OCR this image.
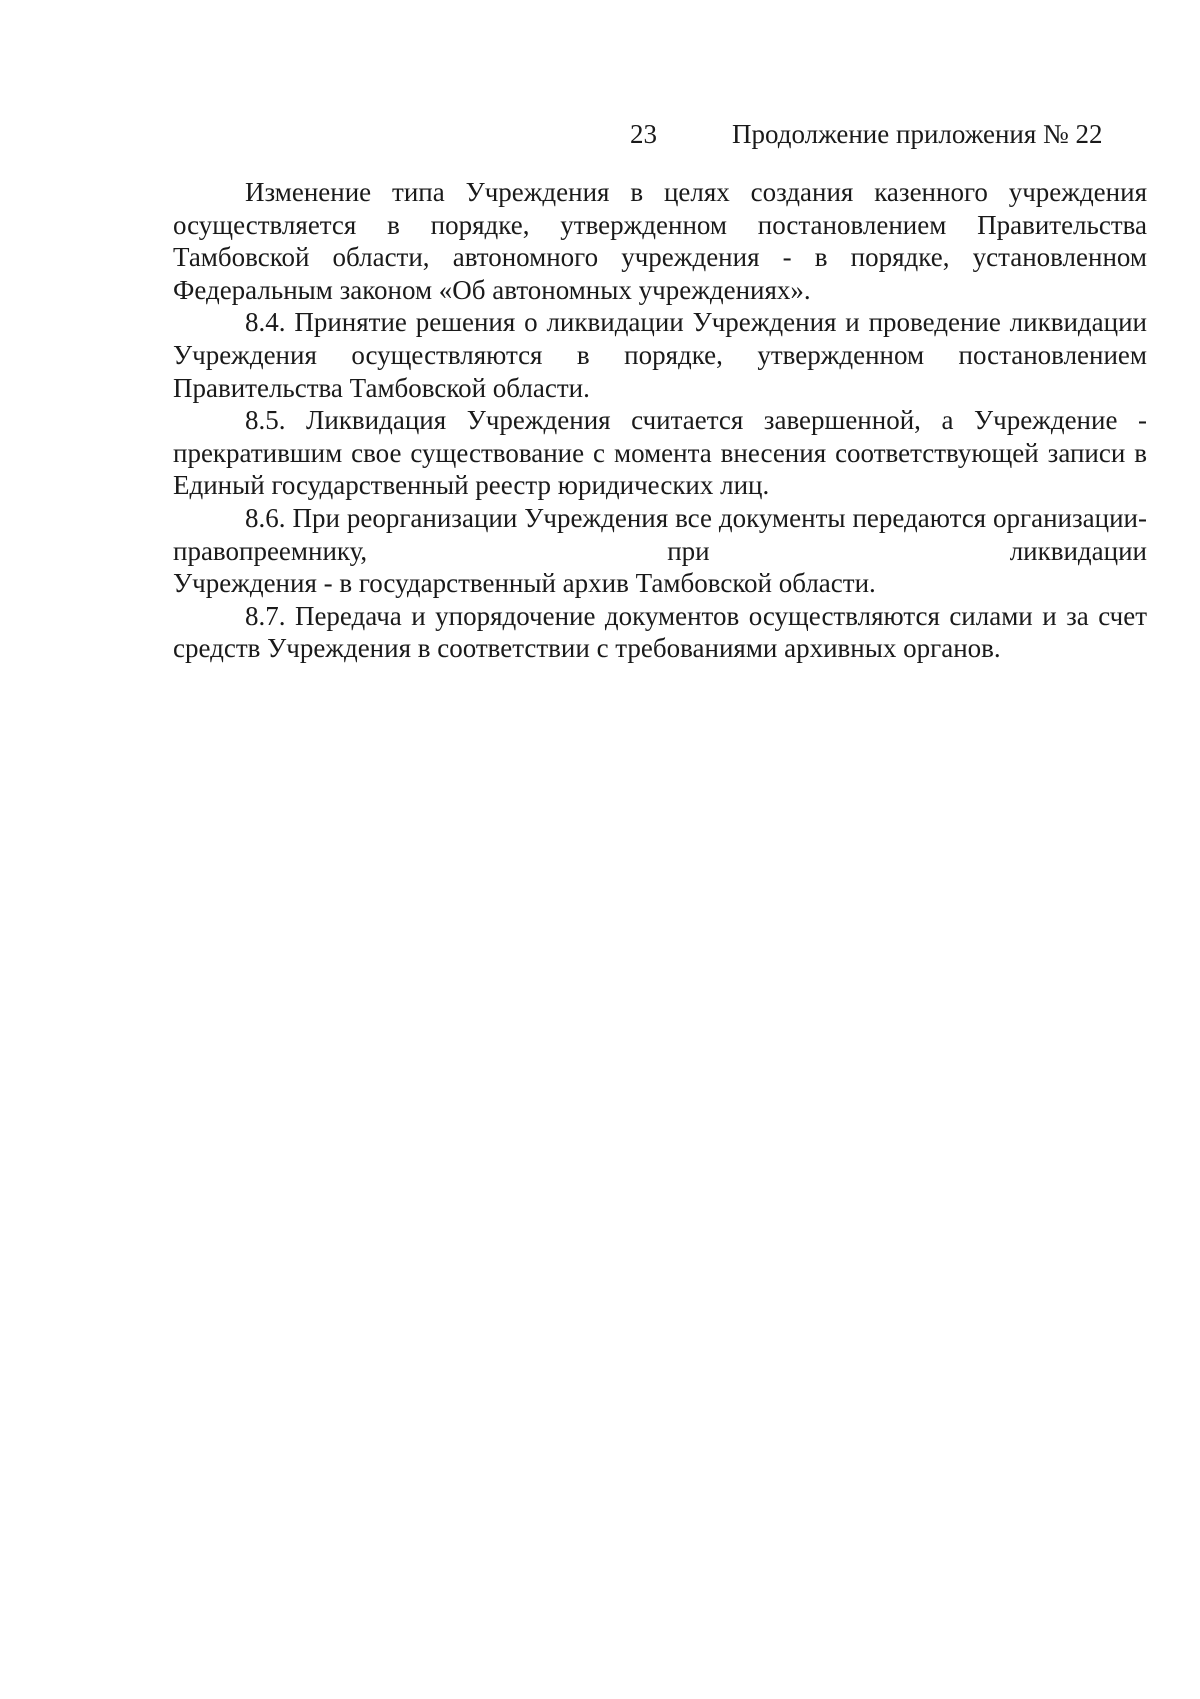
23	Продолжение приложения № 22

Изменение типа Учреждения в целях создания казенного учреждения осуществляется в порядке, утвержденном постановлением Правительства Тамбовской области, автономного учреждения - в порядке, установленном Федеральным законом «Об автономных учреждениях».

8.4. Принятие решения о ликвидации Учреждения и проведение ликвидации Учреждения осуществляются в порядке, утвержденном постановлением Правительства Тамбовской области.

8.5. Ликвидация Учреждения считается завершенной, а Учреждение - прекратившим свое существование с момента внесения соответствующей записи в Единый государственный реестр юридических лиц.

8.6. При реорганизации Учреждения все документы передаются организации-правопреемнику, при ликвидации

Учреждения - в государственный архив Тамбовской области.

8.7. Передача и упорядочение документов осуществляются силами и за счет средств Учреждения в соответствии с требованиями архивных органов.
